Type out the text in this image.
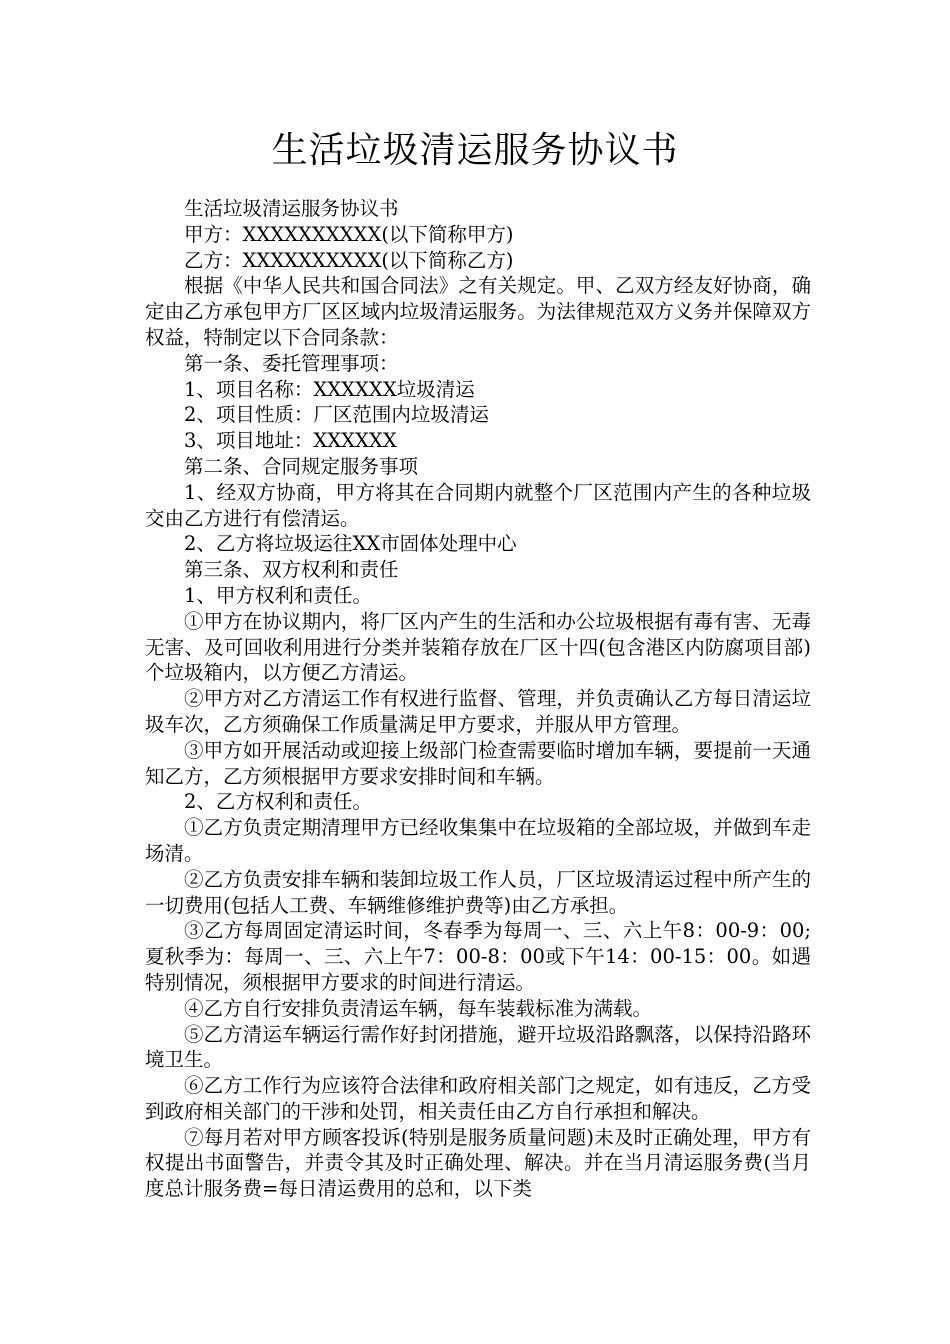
生活垃圾清运服务协议书

生活垃圾清运服务协议书

甲方：XXXXXXXXXX(以下简称甲方)

乙方：XXXXXXXXXX(以下简称乙方)

根据《中华人民共和国合同法》之有关规定。甲、乙双方经友好协商，确定由乙方承包甲方厂区区域内垃圾清运服务。为法律规范双方义务并保障双方权益，特制定以下合同条款：

第一条、委托管理事项：

1、项目名称：XXXXXX垃圾清运

2、项目性质：厂区范围内垃圾清运

3、项目地址：XXXXXX

第二条、合同规定服务事项

1、经双方协商，甲方将其在合同期内就整个厂区范围内产生的各种垃圾交由乙方进行有偿清运。

2、乙方将垃圾运往XX市固体处理中心

第三条、双方权利和责任

1、甲方权利和责任。

①甲方在协议期内，将厂区内产生的生活和办公垃圾根据有毒有害、无毒无害、及可回收利用进行分类并装箱存放在厂区十四(包含港区内防腐项目部)个垃圾箱内，以方便乙方清运。

②甲方对乙方清运工作有权进行监督、管理，并负责确认乙方每日清运垃圾车次，乙方须确保工作质量满足甲方要求，并服从甲方管理。

③甲方如开展活动或迎接上级部门检查需要临时增加车辆，要提前一天通知乙方，乙方须根据甲方要求安排时间和车辆。

2、乙方权利和责任。

①乙方负责定期清理甲方已经收集集中在垃圾箱的全部垃圾，并做到车走场清。

②乙方负责安排车辆和装卸垃圾工作人员，厂区垃圾清运过程中所产生的一切费用(包括人工费、车辆维修维护费等)由乙方承担。

③乙方每周固定清运时间，冬春季为每周一、三、六上午8：00-9：00;夏秋季为：每周一、三、六上午7：00-8：00或下午14：00-15：00。如遇特别情况，须根据甲方要求的时间进行清运。

④乙方自行安排负责清运车辆，每车装载标准为满载。

⑤乙方清运车辆运行需作好封闭措施，避开垃圾沿路飘落，以保持沿路环境卫生。

⑥乙方工作行为应该符合法律和政府相关部门之规定，如有违反，乙方受到政府相关部门的干涉和处罚，相关责任由乙方自行承担和解决。

⑦每月若对甲方顾客投诉(特别是服务质量问题)未及时正确处理，甲方有权提出书面警告，并责令其及时正确处理、解决。并在当月清运服务费(当月度总计服务费=每日清运费用的总和，以下类
